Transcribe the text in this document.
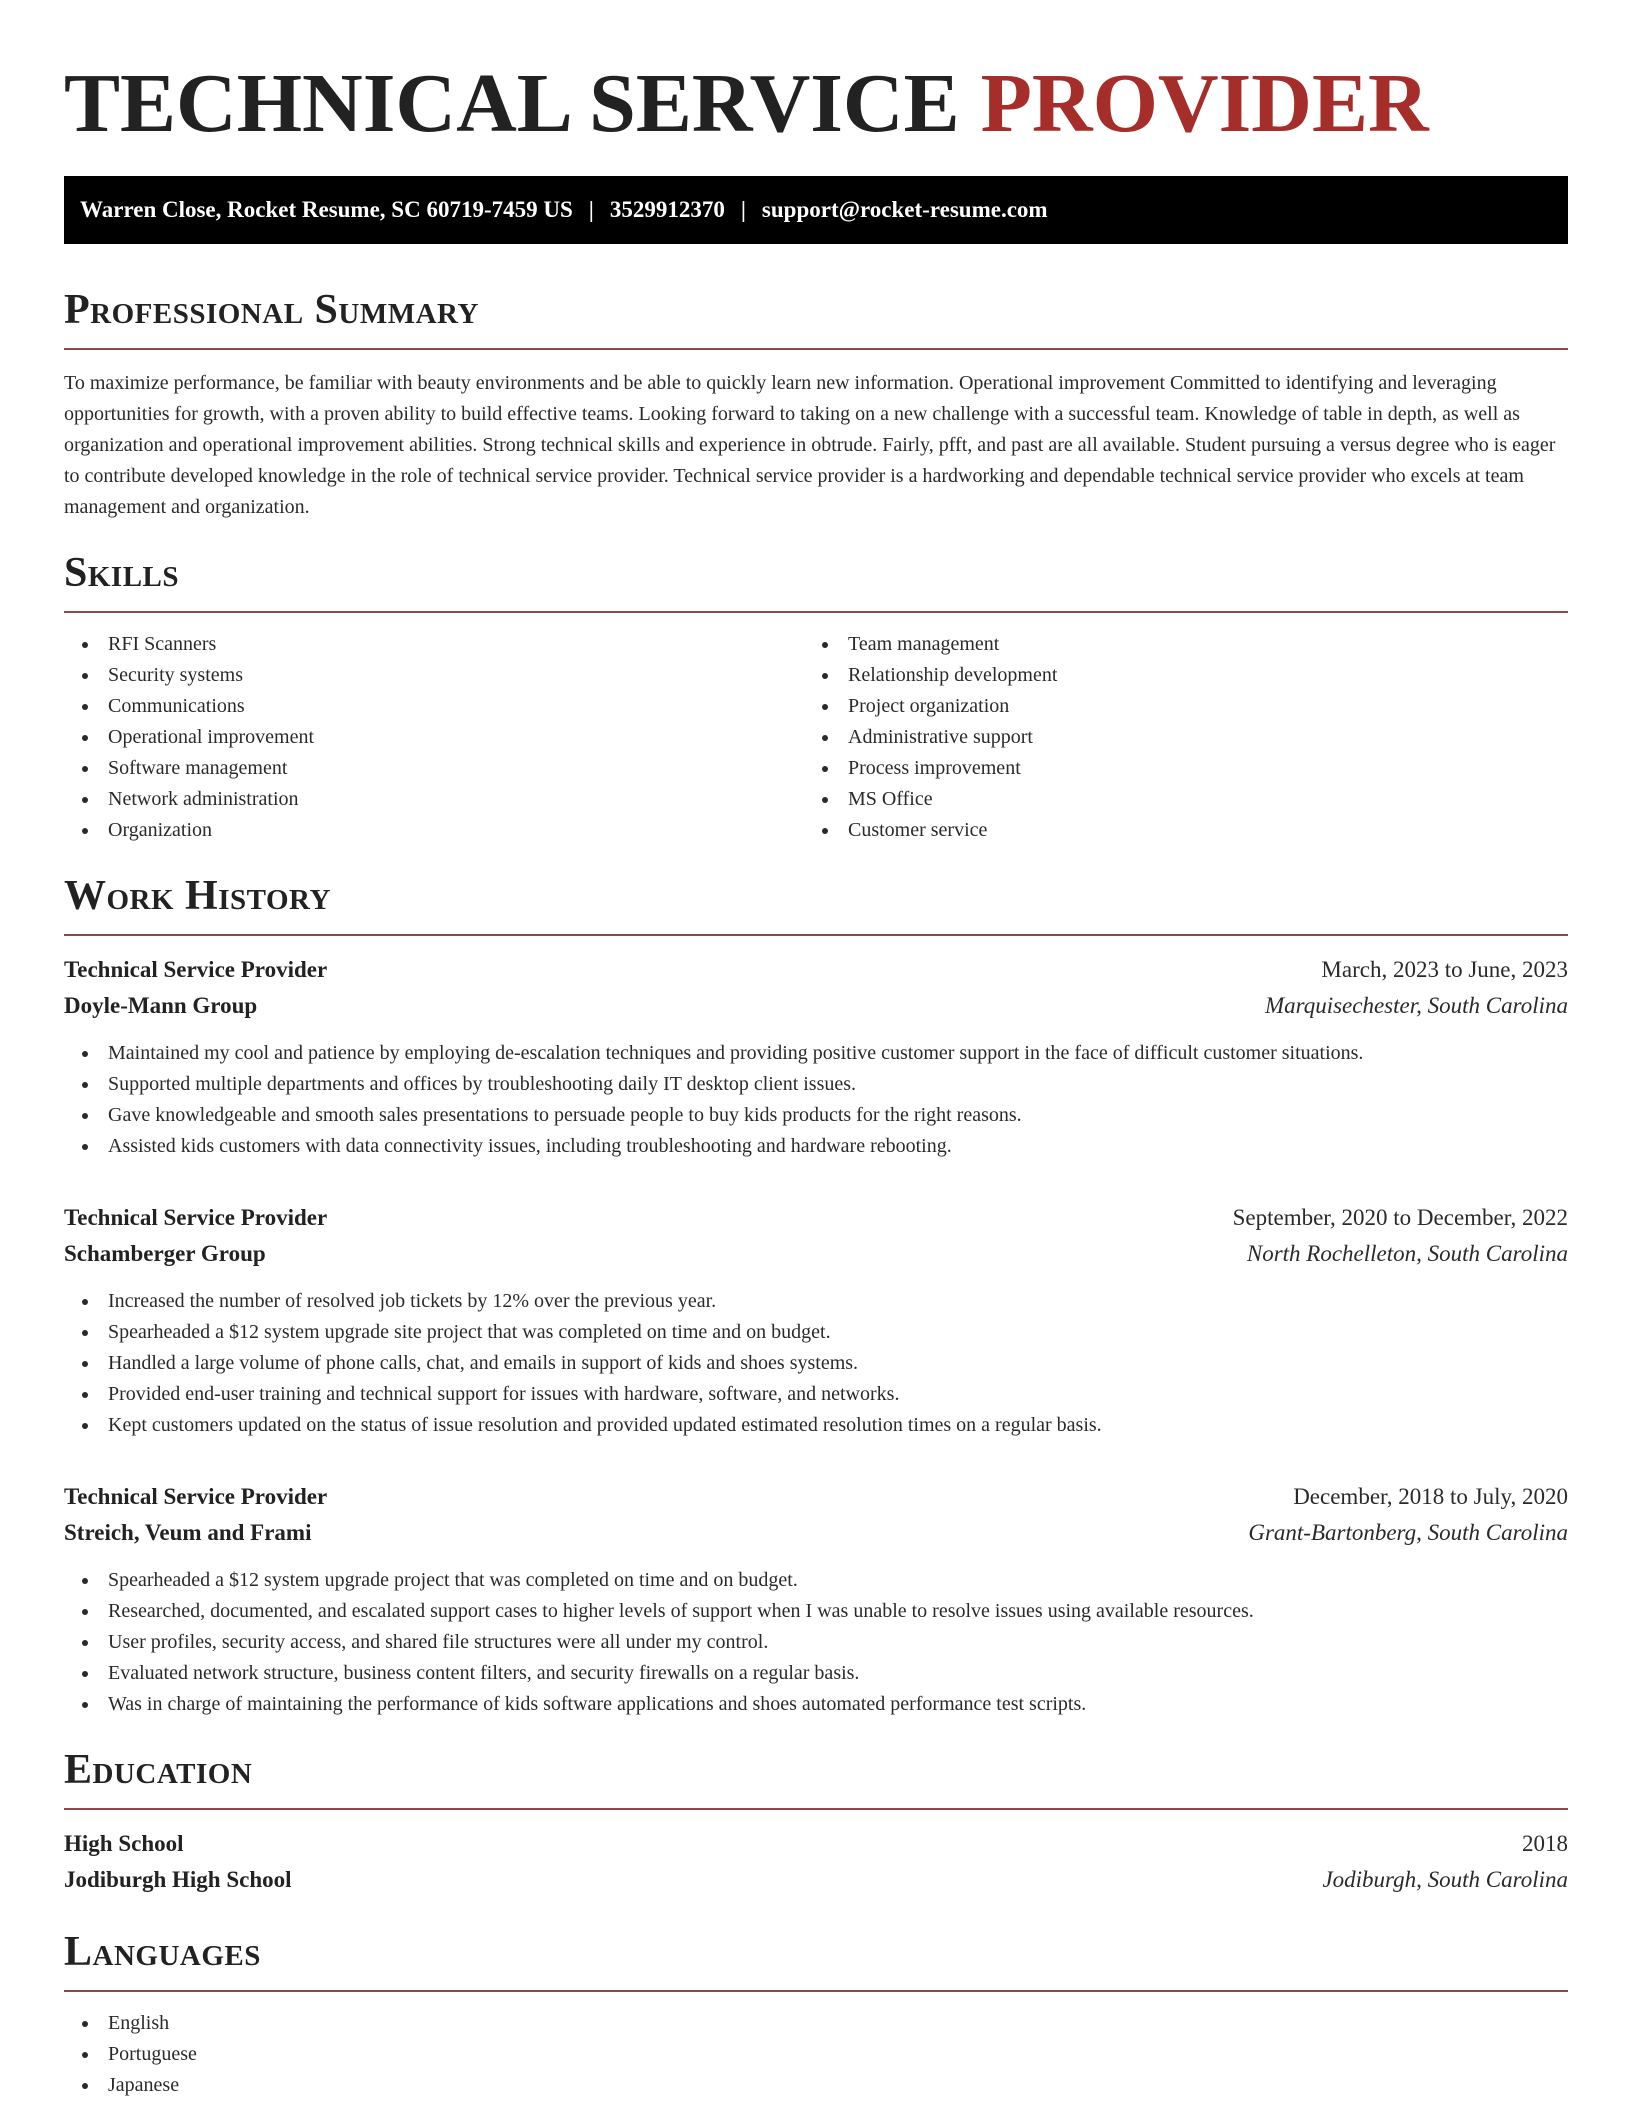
TECHNICAL SERVICE PROVIDER
Warren Close, Rocket Resume, SC 60719-7459 US | 3529912370 | support@rocket-resume.com
Professional Summary

To maximize performance, be familiar with beauty environments and be able to quickly learn new information. Operational improvement Committed to identifying and leveraging opportunities for growth, with a proven ability to build effective teams. Looking forward to taking on a new challenge with a successful team. Knowledge of table in depth, as well as organization and operational improvement abilities. Strong technical skills and experience in obtrude. Fairly, pfft, and past are all available. Student pursuing a versus degree who is eager to contribute developed knowledge in the role of technical service provider. Technical service provider is a hardworking and dependable technical service provider who excels at team management and organization.

Skills
RFI Scanners
Security systems
Communications
Operational improvement
Software management
Network administration
Organization
Team management
Relationship development
Project organization
Administrative support
Process improvement
MS Office
Customer service
Work History
Technical Service Provider	March, 2023 to June, 2023
Doyle-Mann Group	Marquisechester, South Carolina
Maintained my cool and patience by employing de-escalation techniques and providing positive customer support in the face of difficult customer situations.
Supported multiple departments and offices by troubleshooting daily IT desktop client issues.
Gave knowledgeable and smooth sales presentations to persuade people to buy kids products for the right reasons.
Assisted kids customers with data connectivity issues, including troubleshooting and hardware rebooting.
Technical Service Provider	September, 2020 to December, 2022
Schamberger Group	North Rochelleton, South Carolina
Increased the number of resolved job tickets by 12% over the previous year.
Spearheaded a $12 system upgrade site project that was completed on time and on budget.
Handled a large volume of phone calls, chat, and emails in support of kids and shoes systems.
Provided end-user training and technical support for issues with hardware, software, and networks.
Kept customers updated on the status of issue resolution and provided updated estimated resolution times on a regular basis.
Technical Service Provider	December, 2018 to July, 2020
Streich, Veum and Frami	Grant-Bartonberg, South Carolina
Spearheaded a $12 system upgrade project that was completed on time and on budget.
Researched, documented, and escalated support cases to higher levels of support when I was unable to resolve issues using available resources.
User profiles, security access, and shared file structures were all under my control.
Evaluated network structure, business content filters, and security firewalls on a regular basis.
Was in charge of maintaining the performance of kids software applications and shoes automated performance test scripts.
Education
High School	2018
Jodiburgh High School	Jodiburgh, South Carolina
Languages
English
Portuguese
Japanese
